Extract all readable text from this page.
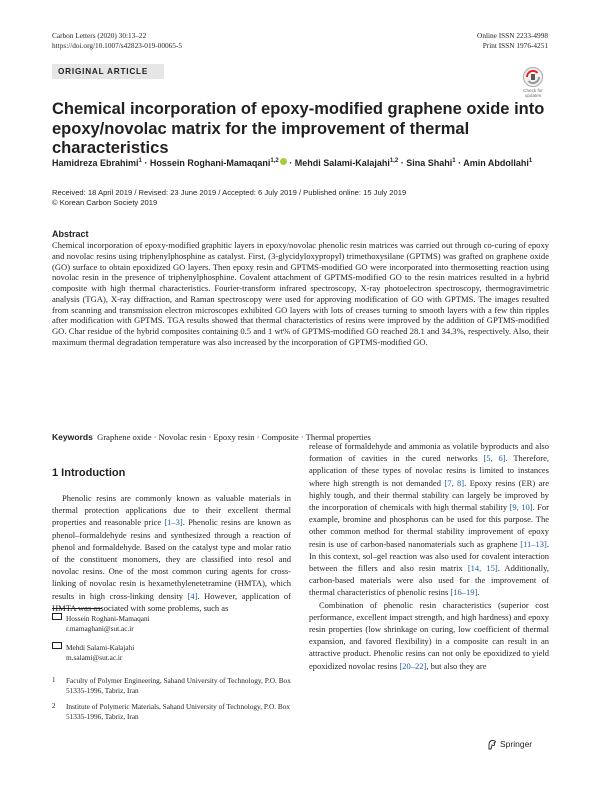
Carbon Letters (2020) 30:13–22
https://doi.org/10.1007/s42823-019-00065-5
Online ISSN 2233-4998
Print ISSN 1976-4251
ORIGINAL ARTICLE
Check for
updates
Chemical incorporation of epoxy-modified graphene oxide into epoxy/novolac matrix for the improvement of thermal characteristics
Hamidreza Ebrahimi$^1$ · Hossein Roghani-Mamaqani$^{1,2}$ · Mehdi Salami-Kalajahi$^{1,2}$ · Sina Shahi$^1$ · Amin Abdollahi$^1$
Received: 18 April 2019 / Revised: 23 June 2019 / Accepted: 6 July 2019 / Published online: 15 July 2019
© Korean Carbon Society 2019
Abstract
Chemical incorporation of epoxy-modified graphitic layers in epoxy/novolac phenolic resin matrices was carried out through co-curing of epoxy and novolac resins using triphenylphosphine as catalyst. First, (3-glycidyloxypropyl) trimethoxysilane (GPTMS) was grafted on graphene oxide (GO) surface to obtain epoxidized GO layers. Then epoxy resin and GPTMS-modified GO were incorporated into thermosetting reaction using novolac resin in the presence of triphenylphosphine. Covalent attachment of GPTMS-modified GO to the resin matrices resulted in a hybrid composite with high thermal characteristics. Fourier-transform infrared spectroscopy, X-ray photoelectron spectroscopy, thermogravimetric analysis (TGA), X-ray diffraction, and Raman spectroscopy were used for approving modification of GO with GPTMS. The images resulted from scanning and transmission electron microscopes exhibited GO layers with lots of creases turning to smooth layers with a few thin ripples after modification with GPTMS. TGA results showed that thermal characteristics of resins were improved by the addition of GPTMS-modified GO. Char residue of the hybrid composites containing 0.5 and 1 wt% of GPTMS-modified GO reached 28.1 and 34.3%, respectively. Also, their maximum thermal degradation temperature was also increased by the incorporation of GPTMS-modified GO.
Keywords Graphene oxide · Novolac resin · Epoxy resin · Composite · Thermal properties
1 Introduction

Phenolic resins are commonly known as valuable materials in thermal protection applications due to their excellent thermal properties and reasonable price [1–3]. Phenolic resins are known as phenol–formaldehyde resins and synthesized through a reaction of phenol and formaldehyde. Based on the catalyst type and molar ratio of the constituent monomers, they are classified into resol and novolac resins. One of the most common curing agents for cross-linking of novolac resin is hexamethylenetetramine (HMTA), which results in high cross-linking density [4]. However, application of HMTA was associated with some problems, such as

release of formaldehyde and ammonia as volatile byproducts and also formation of cavities in the cured networks [5, 6]. Therefore, application of these types of novolac resins is limited to instances where high strength is not demanded [7, 8]. Epoxy resins (ER) are highly tough, and their thermal stability can largely be improved by the incorporation of chemicals with high thermal stability [9, 10]. For example, bromine and phosphorus can be used for this purpose. The other common method for thermal stability improvement of epoxy resin is use of carbon-based nanomaterials such as graphene [11–13]. In this context, sol–gel reaction was also used for covalent interaction between the fillers and also resin matrix [14, 15]. Additionally, carbon-based materials were also used for the improvement of thermal characteristics of phenolic resins [16–19].

Combination of phenolic resin characteristics (superior cost performance, excellent impact strength, and high hardness) and epoxy resin properties (low shrinkage on curing, low coefficient of thermal expansion, and favored flexibility) in a composite can result in an attractive product. Phenolic resins can not only be epoxidized to yield epoxidized novolac resins [20–22], but also they are

Hossein Roghani-Mamaqani
r.mamaghani@sut.ac.ir
Mehdi Salami-Kalajahi
m.salami@sut.ac.ir
1 Faculty of Polymer Engineering, Sahand University of Technology, P.O. Box 51335-1996, Tabriz, Iran
2 Institute of Polymeric Materials, Sahand University of Technology, P.O. Box 51335-1996, Tabriz, Iran
Springer
